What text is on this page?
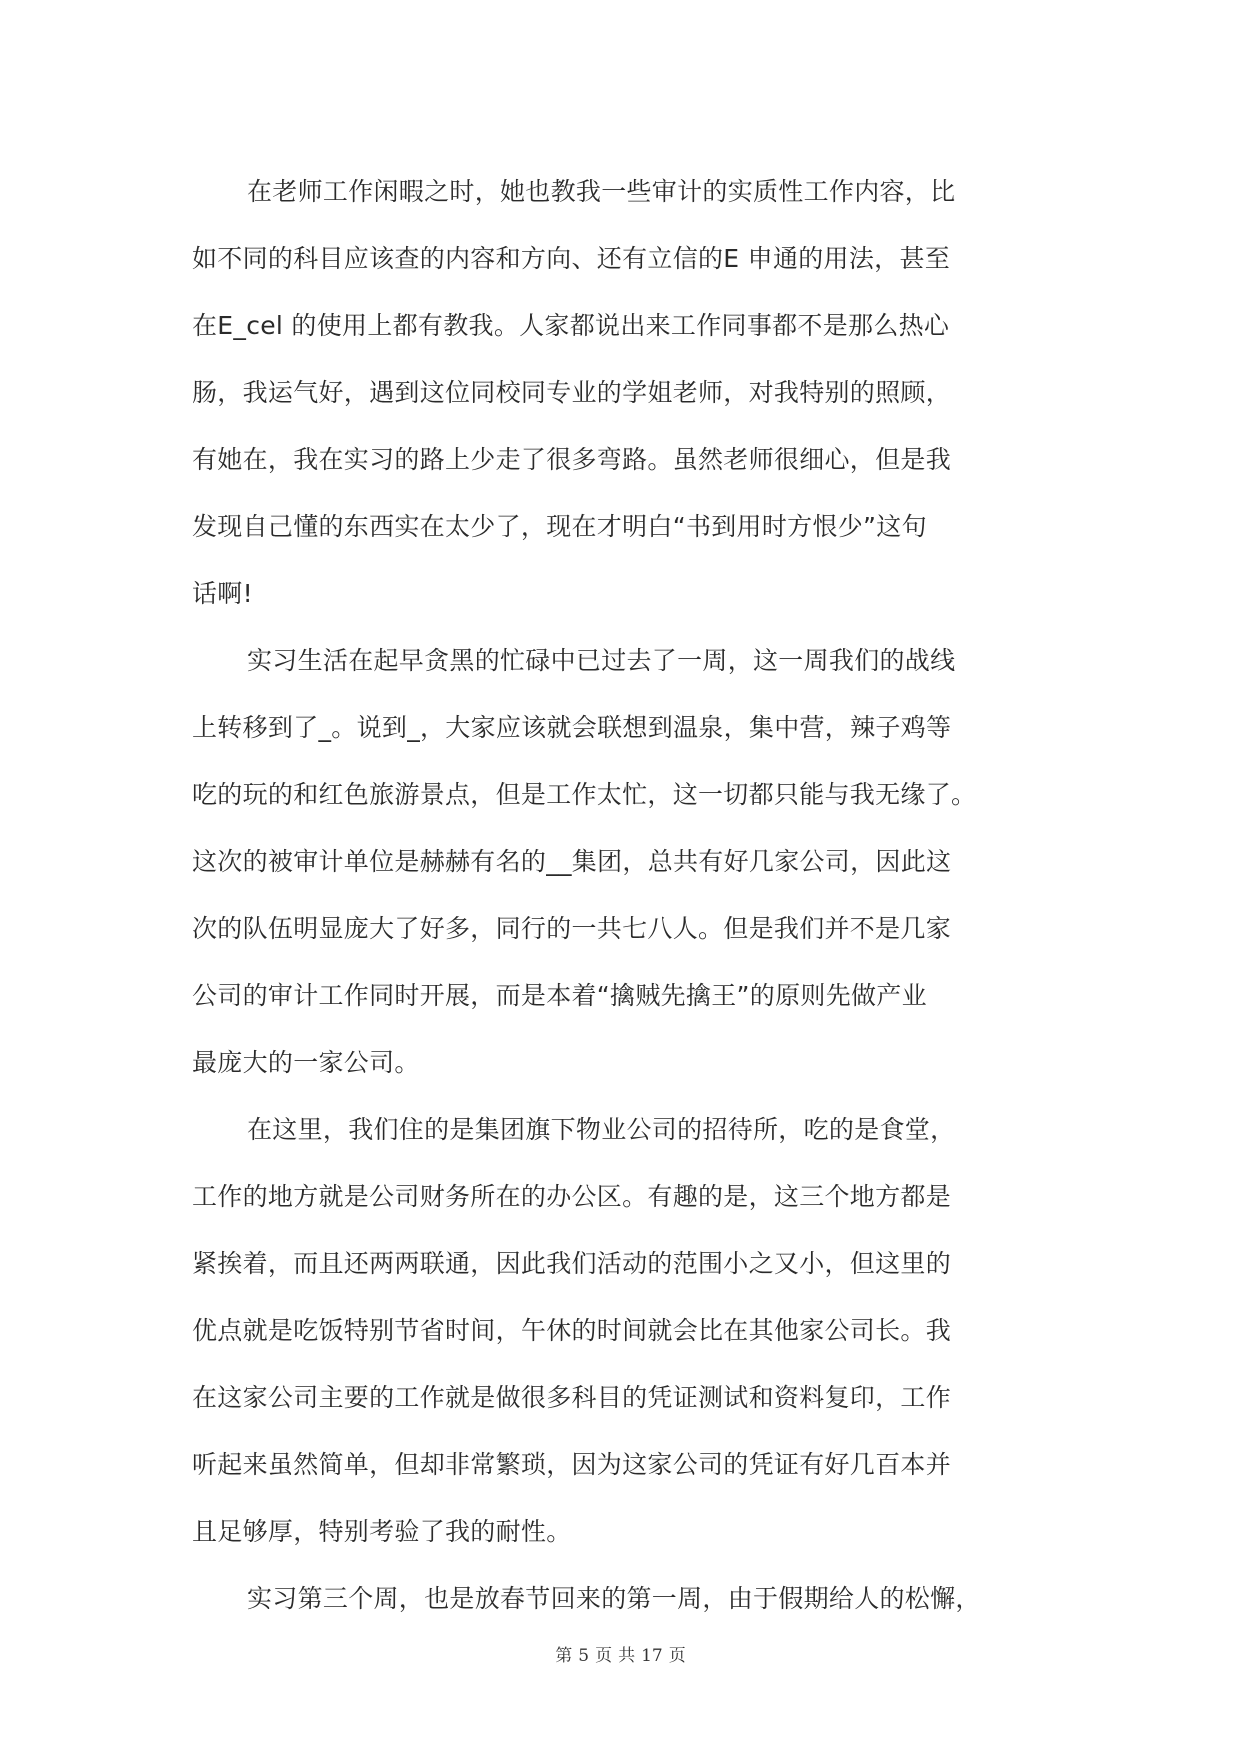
在老师工作闲暇之时，她也教我一些审计的实质性工作内容，比
如不同的科目应该查的内容和方向、还有立信的E 申通的用法，甚至
在E_cel 的使用上都有教我。人家都说出来工作同事都不是那么热心
肠，我运气好，遇到这位同校同专业的学姐老师，对我特别的照顾，
有她在，我在实习的路上少走了很多弯路。虽然老师很细心，但是我
发现自己懂的东西实在太少了，现在才明白“书到用时方恨少”这句
话啊!
实习生活在起早贪黑的忙碌中已过去了一周，这一周我们的战线
上转移到了_。说到_，大家应该就会联想到温泉，集中营，辣子鸡等
吃的玩的和红色旅游景点，但是工作太忙，这一切都只能与我无缘了。
这次的被审计单位是赫赫有名的__集团，总共有好几家公司，因此这
次的队伍明显庞大了好多，同行的一共七八人。但是我们并不是几家
公司的审计工作同时开展，而是本着“擒贼先擒王”的原则先做产业
最庞大的一家公司。
在这里，我们住的是集团旗下物业公司的招待所，吃的是食堂，
工作的地方就是公司财务所在的办公区。有趣的是，这三个地方都是
紧挨着，而且还两两联通，因此我们活动的范围小之又小，但这里的
优点就是吃饭特别节省时间，午休的时间就会比在其他家公司长。我
在这家公司主要的工作就是做很多科目的凭证测试和资料复印，工作
听起来虽然简单，但却非常繁琐，因为这家公司的凭证有好几百本并
且足够厚，特别考验了我的耐性。
实习第三个周，也是放春节回来的第一周，由于假期给人的松懈，
第 5 页 共 17 页
